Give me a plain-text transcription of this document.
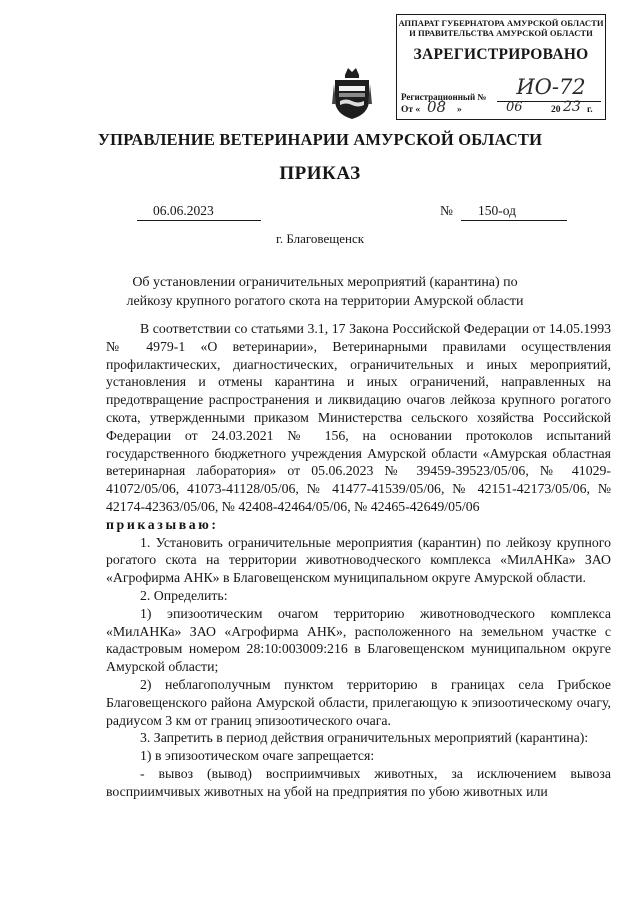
АППАРАТ ГУБЕРНАТОРА АМУРСКОЙ ОБЛАСТИ
И ПРАВИТЕЛЬСТВА АМУРСКОЙ ОБЛАСТИ
ЗАРЕГИСТРИРОВАНО
Регистрационный №	ИО-72
От « 08 »	06	20 23 г.
УПРАВЛЕНИЕ ВЕТЕРИНАРИИ АМУРСКОЙ ОБЛАСТИ
ПРИКАЗ
06.06.2023	№ 150-од
г. Благовещенск
Об установлении ограничительных мероприятий (карантина) по лейкозу крупного рогатого скота на территории Амурской области

В соответствии со статьями 3.1, 17 Закона Российской Федерации от 14.05.1993 № 4979-1 «О ветеринарии», Ветеринарными правилами осуществления профилактических, диагностических, ограничительных и иных мероприятий, установления и отмены карантина и иных ограничений, направленных на предотвращение распространения и ликвидацию очагов лейкоза крупного рогатого скота, утвержденными приказом Министерства сельского хозяйства Российской Федерации от 24.03.2021 № 156, на основании протоколов испытаний государственного бюджетного учреждения Амурской области «Амурская областная ветеринарная лаборатория» от 05.06.2023 № 39459-39523/05/06, № 41029-41072/05/06, 41073-41128/05/06, № 41477-41539/05/06, № 42151-42173/05/06, № 42174-42363/05/06, № 42408-42464/05/06, № 42465-42649/05/06

приказываю:

1. Установить ограничительные мероприятия (карантин) по лейкозу крупного рогатого скота на территории животноводческого комплекса «МилАНКа» ЗАО «Агрофирма АНК» в Благовещенском муниципальном округе Амурской области.

2. Определить:

1) эпизоотическим очагом территорию животноводческого комплекса «МилАНКа» ЗАО «Агрофирма АНК», расположенного на земельном участке с кадастровым номером 28:10:003009:216 в Благовещенском муниципальном округе Амурской области;

2) неблагополучным пунктом территорию в границах села Грибское Благовещенского района Амурской области, прилегающую к эпизоотическому очагу, радиусом 3 км от границ эпизоотического очага.

3. Запретить в период действия ограничительных мероприятий (карантина):

1) в эпизоотическом очаге запрещается:

- вывоз (вывод) восприимчивых животных, за исключением вывоза восприимчивых животных на убой на предприятия по убою животных или
